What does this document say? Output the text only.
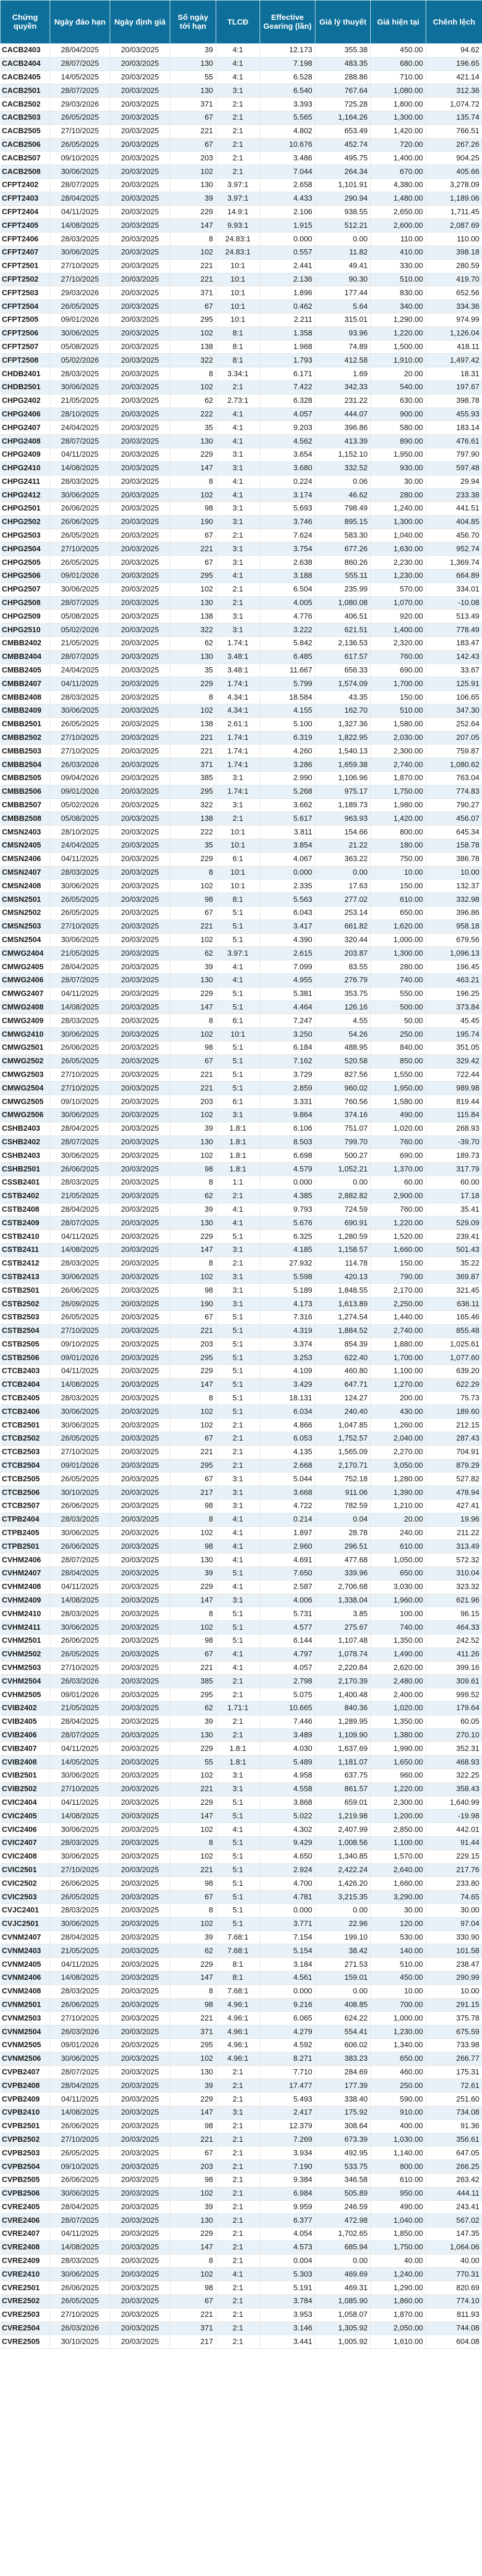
Chứng quyền	Ngày đáo hạn	Ngày định giá	Số ngày tới hạn	TLCĐ	Effective Gearing (lần)	Giá lý thuyết	Giá hiện tại	Chênh lệch
CACB2403	28/04/2025	20/03/2025	39	4:1	12.173	355.38	450.00	94.62
CACB2404	28/07/2025	20/03/2025	130	4:1	7.198	483.35	680.00	196.65
CACB2405	14/05/2025	20/03/2025	55	4:1	6.528	288.86	710.00	421.14
CACB2501	28/07/2025	20/03/2025	130	3:1	6.540	767.64	1,080.00	312.36
CACB2502	29/03/2026	20/03/2025	371	2:1	3.393	725.28	1,800.00	1,074.72
CACB2503	26/05/2025	20/03/2025	67	2:1	5.565	1,164.26	1,300.00	135.74
CACB2505	27/10/2025	20/03/2025	221	2:1	4.802	653.49	1,420.00	766.51
CACB2506	26/05/2025	20/03/2025	67	2:1	10.676	452.74	720.00	267.26
CACB2507	09/10/2025	20/03/2025	203	2:1	3.486	495.75	1,400.00	904.25
CACB2508	30/06/2025	20/03/2025	102	2:1	7.044	264.34	670.00	405.66
CFPT2402	28/07/2025	20/03/2025	130	3.97:1	2.658	1,101.91	4,380.00	3,278.09
CFPT2403	28/04/2025	20/03/2025	39	3.97:1	4.433	290.94	1,480.00	1,189.06
CFPT2404	04/11/2025	20/03/2025	229	14.9:1	2.106	938.55	2,650.00	1,711.45
CFPT2405	14/08/2025	20/03/2025	147	9.93:1	1.915	512.21	2,600.00	2,087.69
CFPT2406	28/03/2025	20/03/2025	8	24.83:1	0.000	0.00	110.00	110.00
CFPT2407	30/06/2025	20/03/2025	102	24.83:1	0.557	11.82	410.00	398.18
CFPT2501	27/10/2025	20/03/2025	221	10:1	2.441	49.41	330.00	280.59
CFPT2502	27/10/2025	20/03/2025	221	10:1	2.136	90.30	510.00	419.70
CFPT2503	29/03/2026	20/03/2025	371	10:1	1.896	177.44	830.00	652.56
CFPT2504	26/05/2025	20/03/2025	67	10:1	0.462	5.64	340.00	334.36
CFPT2505	09/01/2026	20/03/2025	295	10:1	2.211	315.01	1,290.00	974.99
CFPT2506	30/06/2025	20/03/2025	102	8:1	1.358	93.96	1,220.00	1,126.04
CFPT2507	05/08/2025	20/03/2025	138	8:1	1.968	74.89	1,500.00	418.11
CFPT2508	05/02/2026	20/03/2025	322	8:1	1.793	412.58	1,910.00	1,497.42
CHDB2401	28/03/2025	20/03/2025	8	3.34:1	6.171	1.69	20.00	18.31
CHDB2501	30/06/2025	20/03/2025	102	2:1	7.422	342.33	540.00	197.67
CHPG2402	21/05/2025	20/03/2025	62	2.73:1	6.328	231.22	630.00	398.78
CHPG2406	28/10/2025	20/03/2025	222	4:1	4.057	444.07	900.00	455.93
CHPG2407	24/04/2025	20/03/2025	35	4:1	9.203	396.86	580.00	183.14
CHPG2408	28/07/2025	20/03/2025	130	4:1	4.562	413.39	890.00	476.61
CHPG2409	04/11/2025	20/03/2025	229	3:1	3.654	1,152.10	1,950.00	797.90
CHPG2410	14/08/2025	20/03/2025	147	3:1	3.680	332.52	930.00	597.48
CHPG2411	28/03/2025	20/03/2025	8	4:1	0.224	0.06	30.00	29.94
CHPG2412	30/06/2025	20/03/2025	102	4:1	3.174	46.62	280.00	233.38
CHPG2501	26/06/2025	20/03/2025	98	3:1	5.693	798.49	1,240.00	441.51
CHPG2502	26/06/2025	20/03/2025	190	3:1	3.746	895.15	1,300.00	404.85
CHPG2503	26/05/2025	20/03/2025	67	2:1	7.624	583.30	1,040.00	456.70
CHPG2504	27/10/2025	20/03/2025	221	3:1	3.754	677.26	1,630.00	952.74
CHPG2505	26/05/2025	20/03/2025	67	3:1	2.638	860.26	2,230.00	1,369.74
CHPG2506	09/01/2026	20/03/2025	295	4:1	3.188	555.11	1,230.00	664.89
CHPG2507	30/06/2025	20/03/2025	102	2:1	6.504	235.99	570.00	334.01
CHPG2508	28/07/2025	20/03/2025	130	2:1	4.005	1,080.08	1,070.00	-10.08
CHPG2509	05/08/2025	20/03/2025	138	3:1	4.776	406.51	920.00	513.49
CHPG2510	05/02/2026	20/03/2025	322	3:1	3.222	621.51	1,400.00	778.49
CMBB2402	21/05/2025	20/03/2025	62	1.74:1	5.842	2,136.53	2,320.00	183.47
CMBB2404	28/07/2025	20/03/2025	130	3.48:1	6.485	617.57	760.00	142.43
CMBB2405	24/04/2025	20/03/2025	35	3.48:1	11.667	656.33	690.00	33.67
CMBB2407	04/11/2025	20/03/2025	229	1.74:1	5.799	1,574.09	1,700.00	125.91
CMBB2408	28/03/2025	20/03/2025	8	4.34:1	18.584	43.35	150.00	106.65
CMBB2409	30/06/2025	20/03/2025	102	4.34:1	4.155	162.70	510.00	347.30
CMBB2501	26/05/2025	20/03/2025	138	2.61:1	5.100	1,327.36	1,580.00	252.64
CMBB2502	27/10/2025	20/03/2025	221	1.74:1	6.319	1,822.95	2,030.00	207.05
CMBB2503	27/10/2025	20/03/2025	221	1.74:1	4.260	1,540.13	2,300.00	759.87
CMBB2504	26/03/2026	20/03/2025	371	1.74:1	3.286	1,659.38	2,740.00	1,080.62
CMBB2505	09/04/2026	20/03/2025	385	3:1	2.990	1,106.96	1,870.00	763.04
CMBB2506	09/01/2026	20/03/2025	295	1.74:1	5.268	975.17	1,750.00	774.83
CMBB2507	05/02/2026	20/03/2025	322	3:1	3.662	1,189.73	1,980.00	790.27
CMBB2508	05/08/2025	20/03/2025	138	2:1	5.617	963.93	1,420.00	456.07
CMSN2403	28/10/2025	20/03/2025	222	10:1	3.811	154.66	800.00	645.34
CMSN2405	24/04/2025	20/03/2025	35	10:1	3.854	21.22	180.00	158.78
CMSN2406	04/11/2025	20/03/2025	229	6:1	4.067	363.22	750.00	386.78
CMSN2407	28/03/2025	20/03/2025	8	10:1	0.000	0.00	10.00	10.00
CMSN2408	30/06/2025	20/03/2025	102	10:1	2.335	17.63	150.00	132.37
CMSN2501	26/05/2025	20/03/2025	98	8:1	5.563	277.02	610.00	332.98
CMSN2502	26/05/2025	20/03/2025	67	5:1	6.043	253.14	650.00	396.86
CMSN2503	27/10/2025	20/03/2025	221	5:1	3.417	661.82	1,620.00	958.18
CMSN2504	30/06/2025	20/03/2025	102	5:1	4.390	320.44	1,000.00	679.56
CMWG2404	21/05/2025	20/03/2025	62	3.97:1	2.615	203.87	1,300.00	1,096.13
CMWG2405	28/04/2025	20/03/2025	39	4:1	7.099	83.55	280.00	196.45
CMWG2406	28/07/2025	20/03/2025	130	4:1	4.955	276.79	740.00	463.21
CMWG2407	04/11/2025	20/03/2025	229	5:1	5.381	353.75	550.00	196.25
CMWG2408	14/08/2025	20/03/2025	147	5:1	4.464	126.16	500.00	373.84
CMWG2409	28/03/2025	20/03/2025	8	6:1	7.247	4.55	50.00	45.45
CMWG2410	30/06/2025	20/03/2025	102	10:1	3.250	54.26	250.00	195.74
CMWG2501	26/06/2025	20/03/2025	98	5:1	6.184	488.95	840.00	351.05
CMWG2502	26/05/2025	20/03/2025	67	5:1	7.162	520.58	850.00	329.42
CMWG2503	27/10/2025	20/03/2025	221	5:1	3.729	827.56	1,550.00	722.44
CMWG2504	27/10/2025	20/03/2025	221	5:1	2.859	960.02	1,950.00	989.98
CMWG2505	09/10/2025	20/03/2025	203	6:1	3.331	760.56	1,580.00	819.44
CMWG2506	30/06/2025	20/03/2025	102	3:1	9.864	374.16	490.00	115.84
CSHB2403	28/04/2025	20/03/2025	39	1.8:1	6.106	751.07	1,020.00	268.93
CSHB2402	28/07/2025	20/03/2025	130	1.8:1	8.503	799.70	760.00	-39.70
CSHB2403	30/06/2025	20/03/2025	102	1.8:1	6.698	500.27	690.00	189.73
CSHB2501	26/06/2025	20/03/2025	98	1.8:1	4.579	1,052.21	1,370.00	317.79
CSSB2401	28/03/2025	20/03/2025	8	1:1	0.000	0.00	60.00	60.00
CSTB2402	21/05/2025	20/03/2025	62	2:1	4.385	2,882.82	2,900.00	17.18
CSTB2408	28/04/2025	20/03/2025	39	4:1	9.793	724.59	760.00	35.41
CSTB2409	28/07/2025	20/03/2025	130	4:1	5.676	690.91	1,220.00	529.09
CSTB2410	04/11/2025	20/03/2025	229	5:1	6.325	1,280.59	1,520.00	239.41
CSTB2411	14/08/2025	20/03/2025	147	3:1	4.185	1,158.57	1,660.00	501.43
CSTB2412	28/03/2025	20/03/2025	8	2:1	27.932	114.78	150.00	35.22
CSTB2413	30/06/2025	20/03/2025	102	3:1	5.598	420.13	790.00	369.87
CSTB2501	26/06/2025	20/03/2025	98	3:1	5.189	1,848.55	2,170.00	321.45
CSTB2502	26/09/2025	20/03/2025	190	3:1	4.173	1,613.89	2,250.00	636.11
CSTB2503	26/05/2025	20/03/2025	67	5:1	7.316	1,274.54	1,440.00	165.46
CSTB2504	27/10/2025	20/03/2025	221	5:1	4.319	1,884.52	2,740.00	855.48
CSTB2505	09/10/2025	20/03/2025	203	5:1	3.374	854.39	1,880.00	1,025.61
CSTB2506	09/01/2026	20/03/2025	295	5:1	3.253	622.40	1,700.00	1,077.60
CTCB2403	04/11/2025	20/03/2025	229	5:1	4.109	460.80	1,100.00	639.20
CTCB2404	14/08/2025	20/03/2025	147	5:1	3.429	647.71	1,270.00	622.29
CTCB2405	28/03/2025	20/03/2025	8	5:1	18.131	124.27	200.00	75.73
CTCB2406	30/06/2025	20/03/2025	102	5:1	6.034	240.40	430.00	189.60
CTCB2501	30/06/2025	20/03/2025	102	2:1	4.866	1,047.85	1,260.00	212.15
CTCB2502	26/05/2025	20/03/2025	67	2:1	6.053	1,752.57	2,040.00	287.43
CTCB2503	27/10/2025	20/03/2025	221	2:1	4.135	1,565.09	2,270.00	704.91
CTCB2504	09/01/2026	20/03/2025	295	2:1	2.668	2,170.71	3,050.00	879.29
CTCB2505	26/05/2025	20/03/2025	67	3:1	5.044	752.18	1,280.00	527.82
CTCB2506	30/10/2025	20/03/2025	217	3:1	3.668	911.06	1,390.00	478.94
CTCB2507	26/06/2025	20/03/2025	98	3:1	4.722	782.59	1,210.00	427.41
CTPB2404	28/03/2025	20/03/2025	8	4:1	0.214	0.04	20.00	19.96
CTPB2405	30/06/2025	20/03/2025	102	4:1	1.897	28.78	240.00	211.22
CTPB2501	26/06/2025	20/03/2025	98	4:1	2.960	296.51	610.00	313.49
CVHM2406	28/07/2025	20/03/2025	130	4:1	4.691	477.68	1,050.00	572.32
CVHM2407	28/04/2025	20/03/2025	39	5:1	7.650	339.96	650.00	310.04
CVHM2408	04/11/2025	20/03/2025	229	4:1	2.587	2,706.68	3,030.00	323.32
CVHM2409	14/08/2025	20/03/2025	147	3:1	4.006	1,338.04	1,960.00	621.96
CVHM2410	28/03/2025	20/03/2025	8	5:1	5.731	3.85	100.00	96.15
CVHM2411	30/06/2025	20/03/2025	102	5:1	4.577	275.67	740.00	464.33
CVHM2501	26/06/2025	20/03/2025	98	5:1	6.144	1,107.48	1,350.00	242.52
CVHM2502	26/05/2025	20/03/2025	67	4:1	4.797	1,078.74	1,490.00	411.26
CVHM2503	27/10/2025	20/03/2025	221	4:1	4.057	2,220.84	2,620.00	399.16
CVHM2504	26/03/2026	20/03/2025	385	2:1	2.798	2,170.39	2,480.00	309.61
CVHM2505	09/01/2026	20/03/2025	295	2:1	5.075	1,400.48	2,400.00	999.52
CVIB2402	21/05/2025	20/03/2025	62	1.71:1	10.665	840.36	1,020.00	179.64
CVIB2405	28/04/2025	20/03/2025	39	2:1	7.446	1,289.95	1,350.00	60.05
CVIB2406	28/07/2025	20/03/2025	130	2:1	3.489	1,109.90	1,380.00	270.10
CVIB2407	04/11/2025	20/03/2025	229	1.8:1	4.030	1,637.69	1,990.00	352.31
CVIB2408	14/05/2025	20/03/2025	55	1.8:1	5.489	1,181.07	1,650.00	468.93
CVIB2501	30/06/2025	20/03/2025	102	3:1	4.958	637.75	960.00	322.25
CVIB2502	27/10/2025	20/03/2025	221	3:1	4.558	861.57	1,220.00	358.43
CVIC2404	04/11/2025	20/03/2025	229	5:1	3.868	659.01	2,300.00	1,640.99
CVIC2405	14/08/2025	20/03/2025	147	5:1	5.022	1,219.98	1,200.00	-19.98
CVIC2406	30/06/2025	20/03/2025	102	4:1	4.302	2,407.99	2,850.00	442.01
CVIC2407	28/03/2025	20/03/2025	8	5:1	9.429	1,008.56	1,100.00	91.44
CVIC2408	30/06/2025	20/03/2025	102	5:1	4.650	1,340.85	1,570.00	229.15
CVIC2501	27/10/2025	20/03/2025	221	5:1	2.924	2,422.24	2,640.00	217.76
CVIC2502	26/06/2025	20/03/2025	98	5:1	4.700	1,426.20	1,660.00	233.80
CVIC2503	26/05/2025	20/03/2025	67	5:1	4.781	3,215.35	3,290.00	74.65
CVJC2401	28/03/2025	20/03/2025	8	5:1	0.000	0.00	30.00	30.00
CVJC2501	30/06/2025	20/03/2025	102	5:1	3.771	22.96	120.00	97.04
CVNM2407	28/04/2025	20/03/2025	39	7.68:1	7.154	199.10	530.00	330.90
CVNM2403	21/05/2025	20/03/2025	62	7.68:1	5.154	38.42	140.00	101.58
CVNM2405	04/11/2025	20/03/2025	229	8:1	3.184	271.53	510.00	238.47
CVNM2406	14/08/2025	20/03/2025	147	8:1	4.561	159.01	450.00	290.99
CVNM2408	28/03/2025	20/03/2025	8	7.68:1	0.000	0.00	10.00	10.00
CVNM2501	26/06/2025	20/03/2025	98	4.96:1	9.216	408.85	700.00	291.15
CVNM2503	27/10/2025	20/03/2025	221	4.96:1	6.065	624.22	1,000.00	375.78
CVNM2504	26/03/2026	20/03/2025	371	4.96:1	4.279	554.41	1,230.00	675.59
CVNM2505	09/01/2026	20/03/2025	295	4.96:1	4.592	606.02	1,340.00	733.98
CVNM2506	30/06/2025	20/03/2025	102	4.96:1	8.271	383.23	650.00	266.77
CVPB2407	28/07/2025	20/03/2025	130	2:1	7.710	284.69	460.00	175.31
CVPB2408	28/04/2025	20/03/2025	39	2:1	17.477	177.39	250.00	72.61
CVPB2409	04/11/2025	20/03/2025	229	2:1	5.493	338.40	590.00	251.60
CVPB2410	14/08/2025	20/03/2025	147	3:1	2.417	175.92	910.00	734.08
CVPB2501	26/06/2025	20/03/2025	98	2:1	12.379	308.64	400.00	91.36
CVPB2502	27/10/2025	20/03/2025	221	2:1	7.269	673.39	1,030.00	356.61
CVPB2503	26/05/2025	20/03/2025	67	2:1	3.934	492.95	1,140.00	647.05
CVPB2504	09/10/2025	20/03/2025	203	2:1	7.190	533.75	800.00	266.25
CVPB2505	26/06/2025	20/03/2025	98	2:1	9.384	346.58	610.00	263.42
CVPB2506	30/06/2025	20/03/2025	102	2:1	6.984	505.89	950.00	444.11
CVRE2405	28/04/2025	20/03/2025	39	2:1	9.959	246.59	490.00	243.41
CVRE2406	28/07/2025	20/03/2025	130	2:1	6.377	472.98	1,040.00	567.02
CVRE2407	04/11/2025	20/03/2025	229	2:1	4.054	1,702.65	1,850.00	147.35
CVRE2408	14/08/2025	20/03/2025	147	2:1	4.573	685.94	1,750.00	1,064.06
CVRE2409	28/03/2025	20/03/2025	8	2:1	0.004	0.00	40.00	40.00
CVRE2410	30/06/2025	20/03/2025	102	4:1	5.303	469.69	1,240.00	770.31
CVRE2501	26/06/2025	20/03/2025	98	2:1	5.191	469.31	1,290.00	820.69
CVRE2502	26/05/2025	20/03/2025	67	2:1	3.784	1,085.90	1,860.00	774.10
CVRE2503	27/10/2025	20/03/2025	221	2:1	3.953	1,058.07	1,870.00	811.93
CVRE2504	26/03/2026	20/03/2025	371	2:1	3.146	1,305.92	2,050.00	744.08
CVRE2505	30/10/2025	20/03/2025	217	2:1	3.441	1,005.92	1,610.00	604.08
